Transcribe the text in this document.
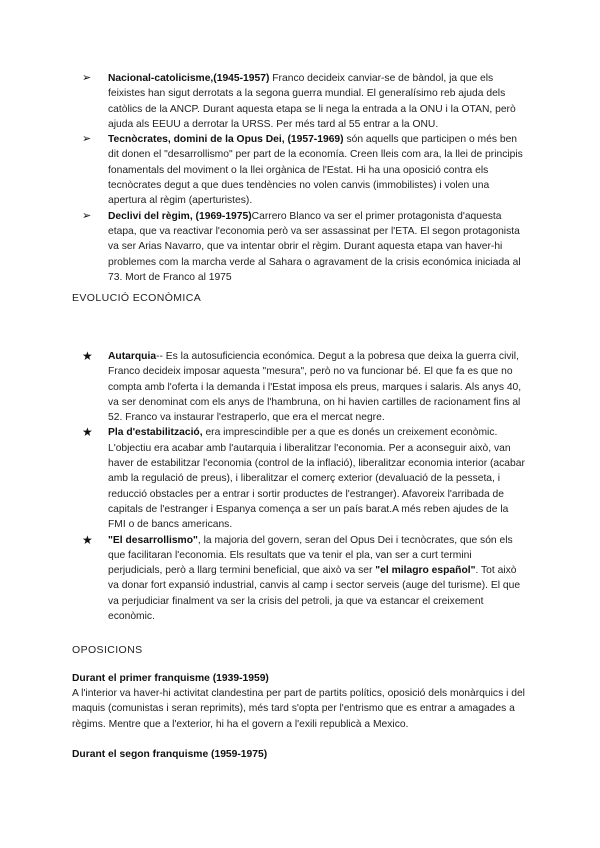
➢ Nacional-catolicisme,(1945-1957) Franco decideix canviar-se de bàndol, ja que els feixistes han sigut derrotats a la segona guerra mundial. El generalísimo reb ajuda dels catòlics de la ANCP. Durant aquesta etapa se li nega la entrada a la ONU i la OTAN, però ajuda als EEUU a derrotar la URSS. Per més tard al 55 entrar a la ONU.
➢ Tecnòcrates, domini de la Opus Dei, (1957-1969) són aquells que participen o més ben dit donen el "desarrollismo" per part de la economía. Creen lleis com ara, la llei de principis fonamentals del moviment o la llei orgànica de l'Estat. Hi ha una oposició contra els tecnòcrates degut a que dues tendències no volen canvis (immobilistes) i volen una apertura al règim (aperturistes).
➢ Declivi del règim, (1969-1975)Carrero Blanco va ser el primer protagonista d'aquesta etapa, que va reactivar l'economia però va ser assassinat per l'ETA. El segon protagonista va ser Arias Navarro, que va intentar obrir el règim. Durant aquesta etapa van haver-hi problemes com la marcha verde al Sahara o agravament de la crisis económica iniciada al 73. Mort de Franco al 1975
EVOLUCIÓ ECONÒMICA
★ Autarquia-- Es la autosuficiencia económica. Degut a la pobresa que deixa la guerra civil, Franco decideix imposar aquesta "mesura", però no va funcionar bé. El que fa es que no compta amb l'oferta i la demanda i l'Estat imposa els preus, marques i salaris. Als anys 40, va ser denominat com els anys de l'hambruna, on hi havien cartilles de racionament fins al 52. Franco va instaurar l'estraperlo, que era el mercat negre.
★ Pla d'estabilització, era imprescindible per a que es donés un creixement econòmic. L'objectiu era acabar amb l'autarquia i liberalitzar l'economia. Per a aconseguir això, van haver de estabilitzar l'economia (control de la inflació), liberalitzar economia interior (acabar amb la regulació de preus), i liberalitzar el comerç exterior (devaluació de la pesseta, i reducció obstacles per a entrar i sortir productes de l'estranger). Afavoreix l'arribada de capitals de l'estranger i Espanya comença a ser un país barat.A més reben ajudes de la FMI o de bancs americans.
★ "El desarrollismo", la majoria del govern, seran del Opus Dei i tecnòcrates, que són els que facilitaran l'economia. Els resultats que va tenir el pla, van ser a curt termini perjudicials, però a llarg termini beneficial, que això va ser "el milagro español". Tot això va donar fort expansió industrial, canvis al camp i sector serveis (auge del turisme). El que va perjudiciar finalment va ser la crisis del petroli, ja que va estancar el creixement econòmic.
OPOSICIONS
Durant el primer franquisme (1939-1959)

A l'interior va haver-hi activitat clandestina per part de partits polítics, oposició dels monàrquics i del maquis (comunistas i seran reprimits), més tard s'opta per l'entrismo que es entrar a amagades a règims. Mentre que a l'exterior, hi ha el govern a l'exili republicà a Mexico.

Durant el segon franquisme (1959-1975)
